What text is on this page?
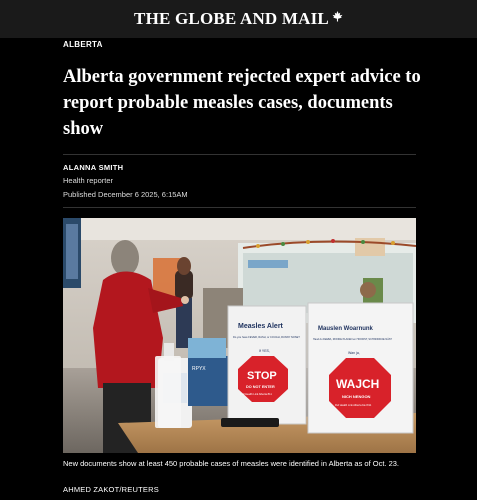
THE GLOBE AND MAIL
ALBERTA
Alberta government rejected expert advice to report probable measles cases, documents show
ALANNA SMITH
Health reporter
Published December 6 2025, 6:15AM
RPYX
Measles Alert
Do you have FEVER, RASH, or COUGH, RUNNY NOSE?
If YES,
STOP
DO NOT ENTER
Call Health Link Alberta 811
Mauslen Woarnunk
Haud du FEEBA, ROODE PLAKEN en HOODST, SCHNODDIJE NÄS?
Wan ja,
WAJCH
NICH NENGON
Ruf Health Link Alberta bie 8/11

New documents show at least 450 probable cases of measles were identified in Alberta as of Oct. 23.

AHMED ZAKOT/REUTERS
